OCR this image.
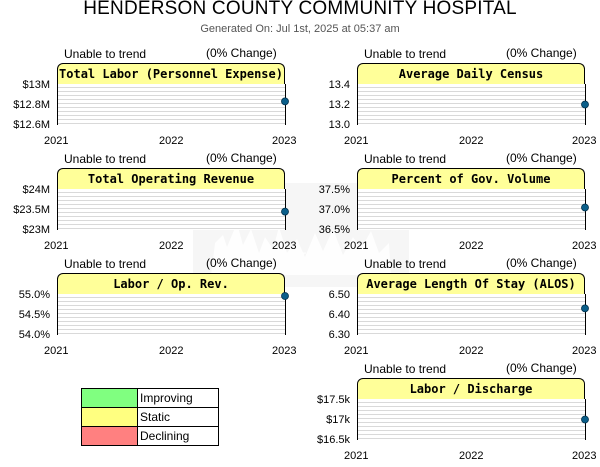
HENDERSON COUNTY COMMUNITY HOSPITAL
Generated On: Jul 1st, 2025 at 05:37 am
WR
Unable to trend	(0% Change)
Total Labor (Personnel Expense)
$13M
$12.8M
$12.6M
2021	2022	2023
Unable to trend	(0% Change)
Average Daily Census
13.4
13.2
13.0
2021	2022	2023
Unable to trend	(0% Change)
Total Operating Revenue
$24M
$23.5M
$23M
2021	2022	2023
Unable to trend	(0% Change)
Percent of Gov. Volume
37.5%
37.0%
36.5%
2021	2022	2023
Unable to trend	(0% Change)
Labor / Op. Rev.
55.0%
54.5%
54.0%
2021	2022	2023
Unable to trend	(0% Change)
Average Length Of Stay (ALOS)
6.50
6.40
6.30
2021	2022	2023
Unable to trend	(0% Change)
Labor / Discharge
$17.5k
$17k
$16.5k
2021	2022	2023
Improving
Static
Declining
